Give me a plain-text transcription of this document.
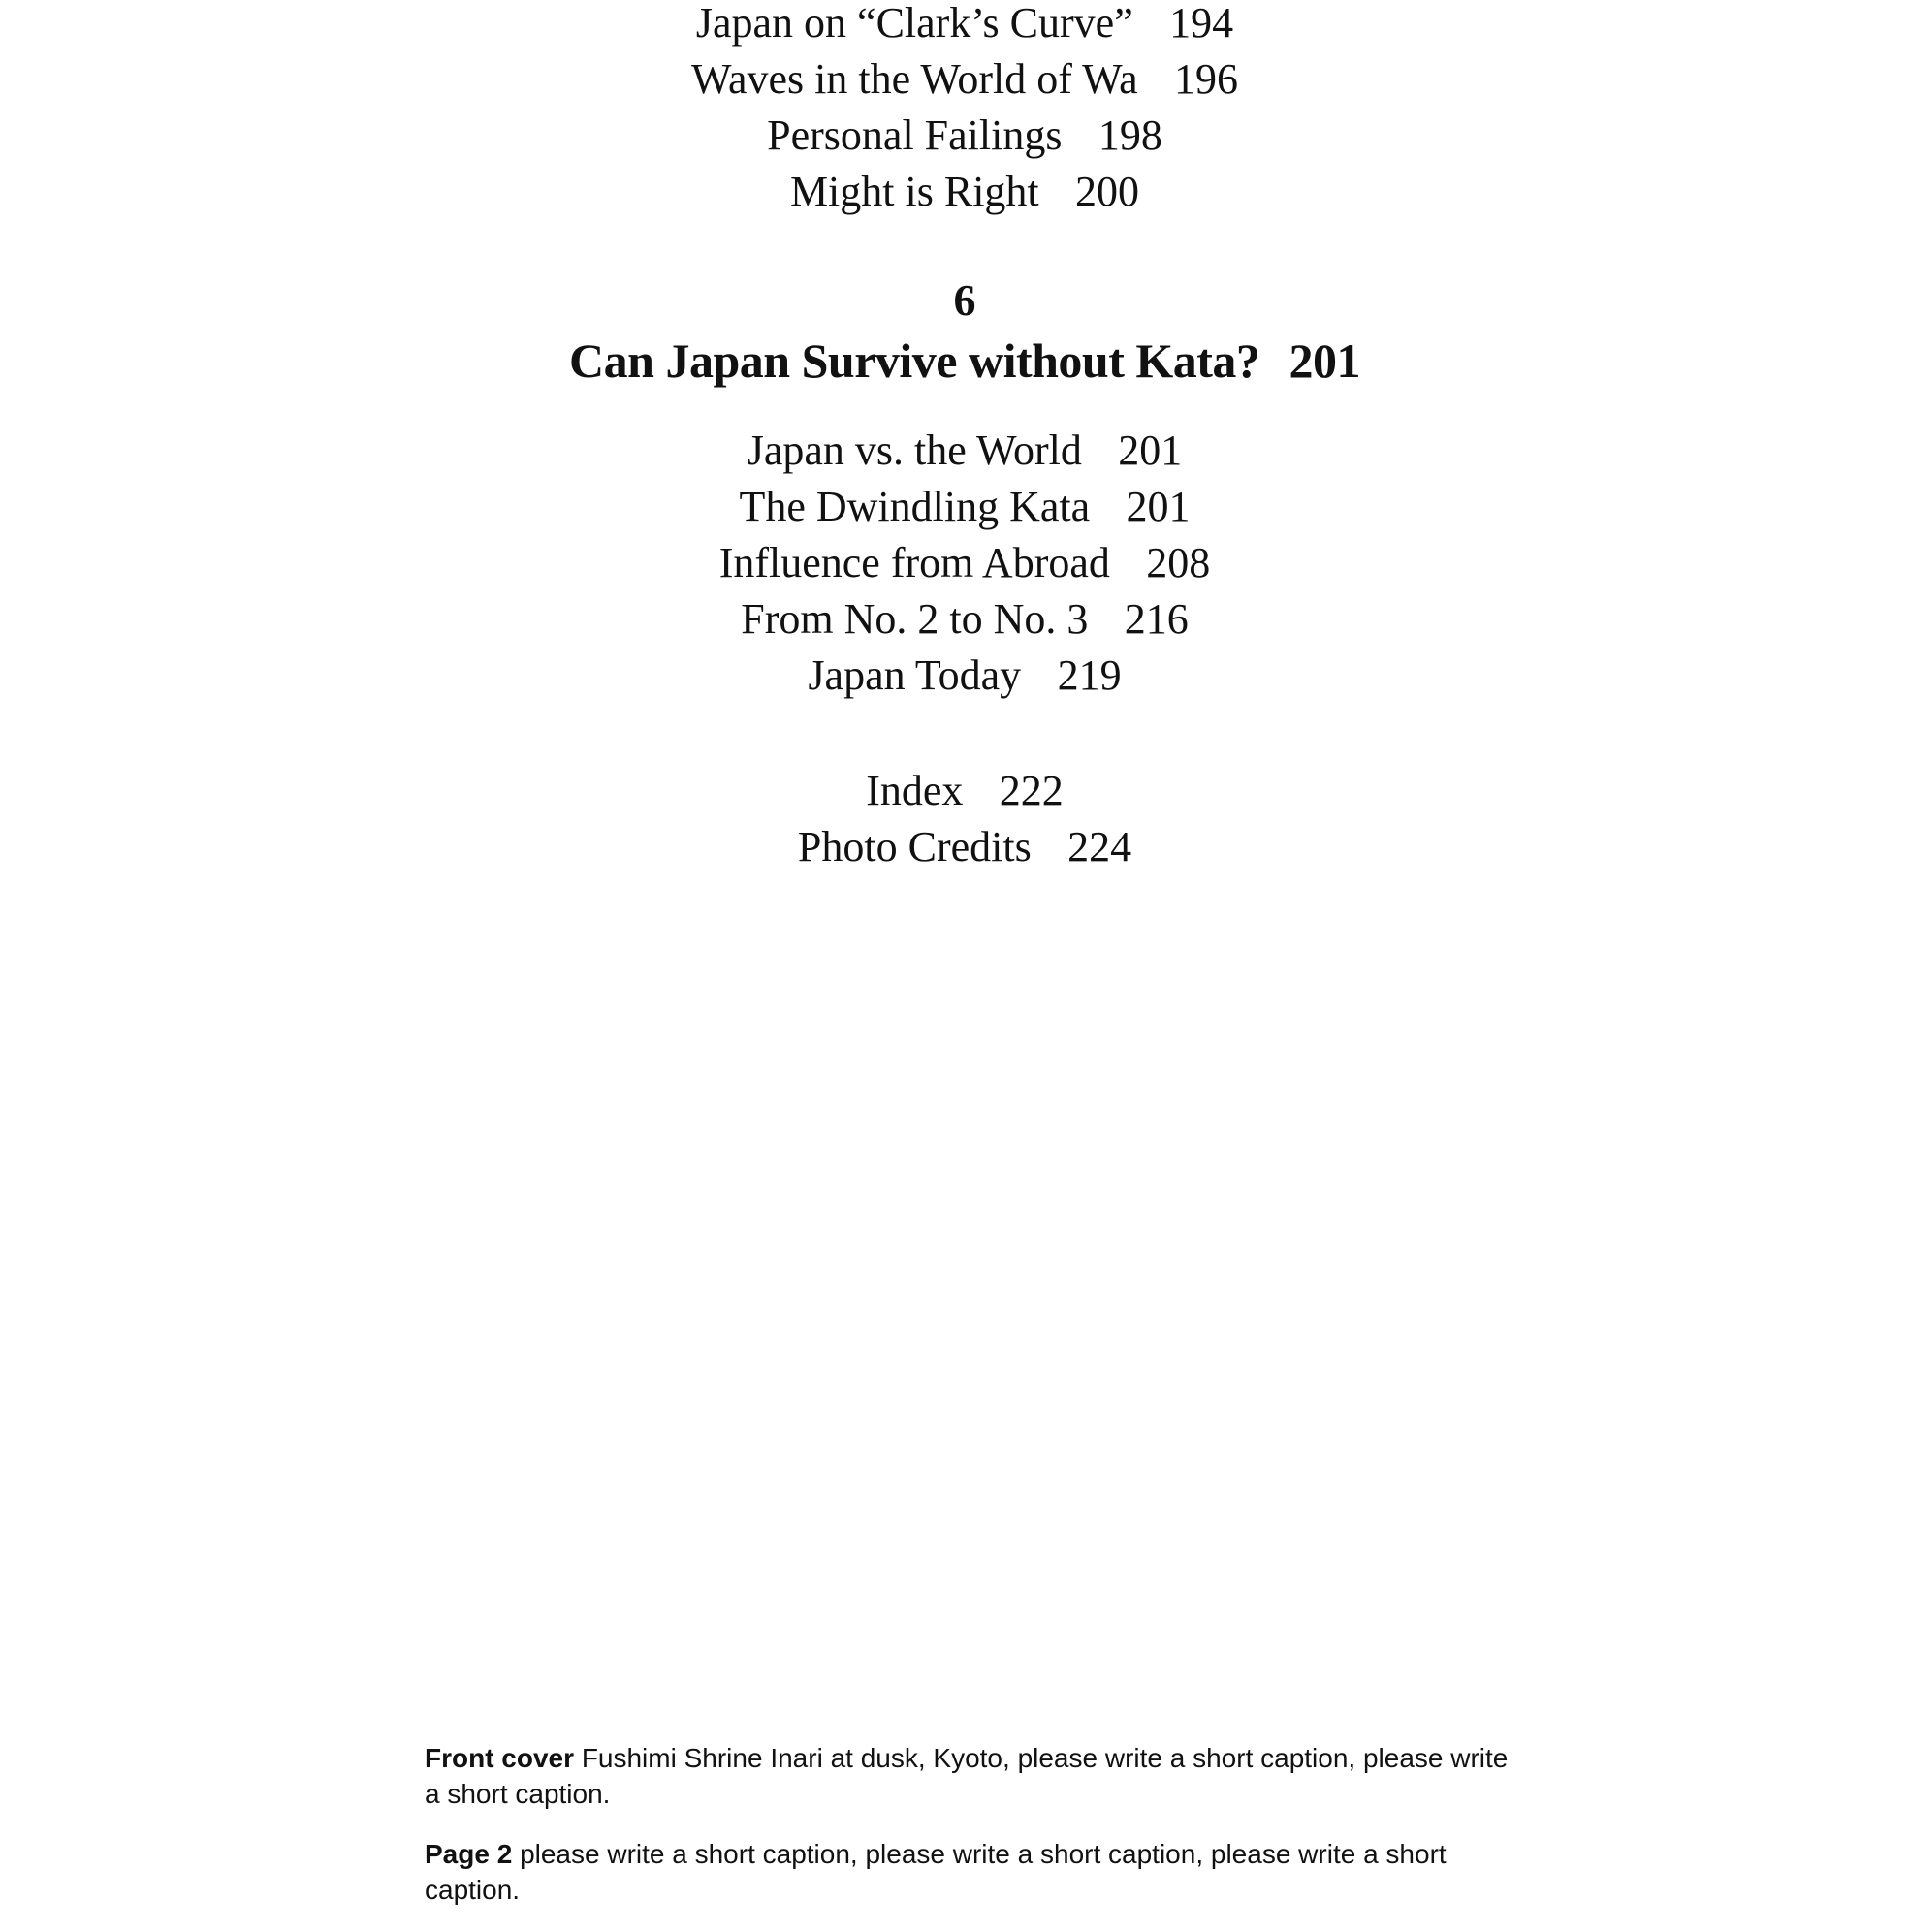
Japan on “Clark’s Curve” 194
Waves in the World of Wa 196
Personal Failings 198
Might is Right 200
6
Can Japan Survive without Kata? 201
Japan vs. the World 201
The Dwindling Kata 201
Influence from Abroad 208
From No. 2 to No. 3 216
Japan Today 219
Index 222
Photo Credits 224

Front cover Fushimi Shrine Inari at dusk, Kyoto, please write a short caption, please write a short caption.

Page 2 please write a short caption, please write a short caption, please write a short caption.
